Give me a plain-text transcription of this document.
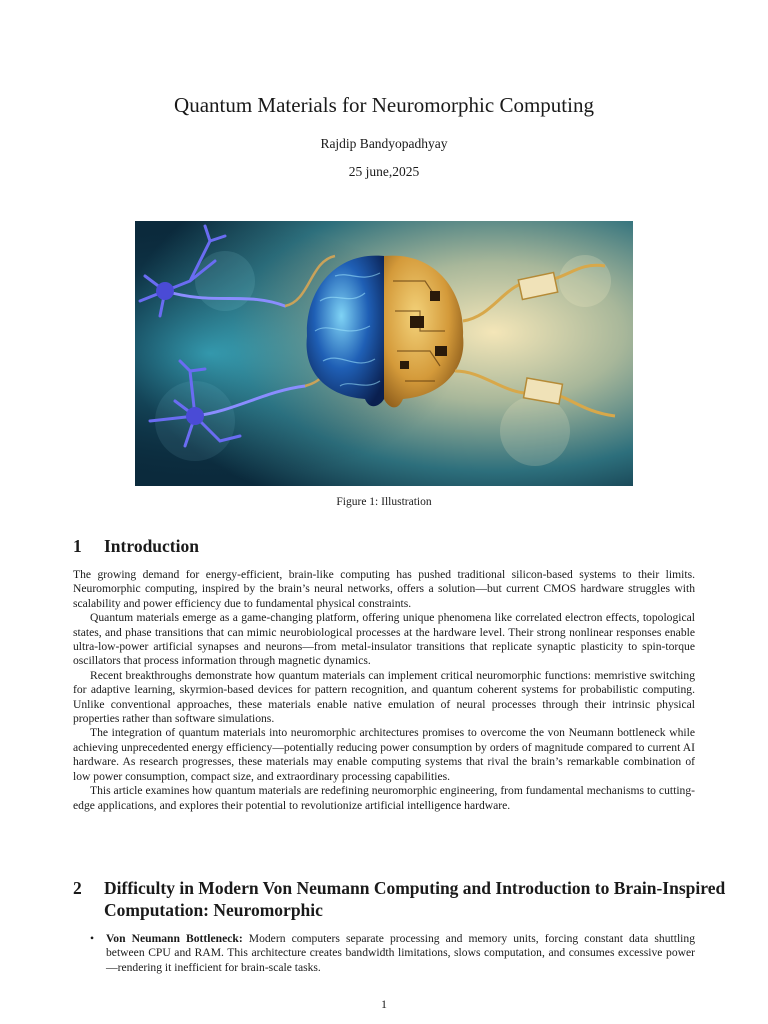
Quantum Materials for Neuromorphic Computing
Rajdip Bandyopadhyay
25 june,2025
Figure 1: Illustration
1 Introduction

The growing demand for energy-efficient, brain-like computing has pushed traditional silicon-based systems to their limits. Neuromorphic computing, inspired by the brain’s neural networks, offers a solution—but current CMOS hardware struggles with scalability and power efficiency due to fundamental physical constraints.

Quantum materials emerge as a game-changing platform, offering unique phenomena like correlated electron effects, topological states, and phase transitions that can mimic neurobiological processes at the hardware level. Their strong nonlinear responses enable ultra-low-power artificial synapses and neurons—from metal-insulator transitions that replicate synaptic plasticity to spin-torque oscillators that process information through magnetic dynamics.

Recent breakthroughs demonstrate how quantum materials can implement critical neuromorphic functions: memristive switching for adaptive learning, skyrmion-based devices for pattern recognition, and quantum coherent systems for probabilistic computing. Unlike conventional approaches, these materials enable native emulation of neural processes through their intrinsic physical properties rather than software simulations.

The integration of quantum materials into neuromorphic architectures promises to overcome the von Neumann bottleneck while achieving unprecedented energy efficiency—potentially reducing power consumption by orders of magnitude compared to current AI hardware. As research progresses, these materials may enable computing systems that rival the brain’s remarkable combination of low power consumption, compact size, and extraordinary processing capabilities.

This article examines how quantum materials are redefining neuromorphic engineering, from fundamental mechanisms to cutting-edge applications, and explores their potential to revolutionize artificial intelligence hardware.

2 Difficulty in Modern Von Neumann Computing and Introduction to Brain-Inspired Computation: Neuromorphic
• Von Neumann Bottleneck: Modern computers separate processing and memory units, forcing constant data shuttling between CPU and RAM. This architecture creates bandwidth limitations, slows computation, and consumes excessive power—rendering it inefficient for brain-scale tasks.
1
